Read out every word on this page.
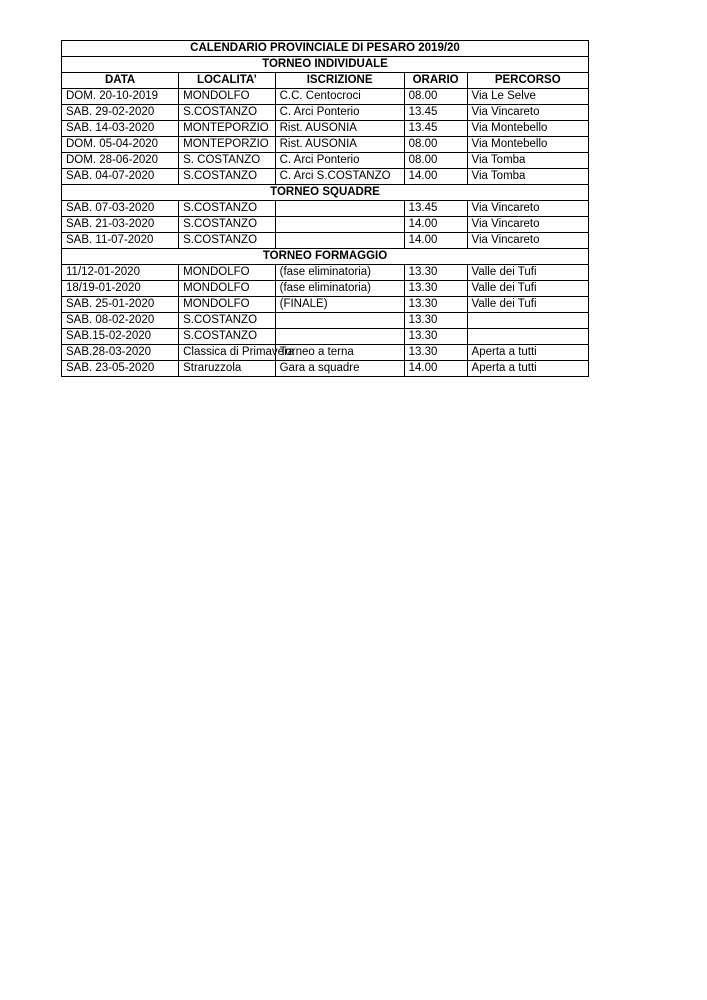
CALENDARIO PROVINCIALE DI PESARO 2019/20				
TORNEO INDIVIDUALE				
DATA	LOCALITA’	ISCRIZIONE	ORARIO	PERCORSO
DOM. 20-10-2019	MONDOLFO	C.C. Centocroci	08.00	Via Le Selve
SAB. 29-02-2020	S.COSTANZO	C. Arci Ponterio	13.45	Via Vincareto
SAB. 14-03-2020	MONTEPORZIO	Rist. AUSONIA	13.45	Via Montebello
DOM. 05-04-2020	MONTEPORZIO	Rist. AUSONIA	08.00	Via Montebello
DOM. 28-06-2020	S. COSTANZO	C. Arci Ponterio	08.00	Via Tomba
SAB. 04-07-2020	S.COSTANZO	C. Arci S.COSTANZO	14.00	Via Tomba
TORNEO SQUADRE				
SAB. 07-03-2020	S.COSTANZO		13.45	Via Vincareto
SAB. 21-03-2020	S.COSTANZO		14.00	Via Vincareto
SAB. 11-07-2020	S.COSTANZO		14.00	Via Vincareto
TORNEO FORMAGGIO				
11/12-01-2020	MONDOLFO	(fase eliminatoria)	13.30	Valle dei Tufi
18/19-01-2020	MONDOLFO	(fase eliminatoria)	13.30	Valle dei Tufi
SAB. 25-01-2020	MONDOLFO	(FINALE)	13.30	Valle dei Tufi
SAB. 08-02-2020	S.COSTANZO		13.30	
SAB.15-02-2020	S.COSTANZO		13.30	
SAB.28-03-2020	Classica di Primavera	Torneo a terna	13.30	Aperta a tutti
SAB. 23-05-2020	Straruzzola	Gara a squadre	14.00	Aperta a tutti
